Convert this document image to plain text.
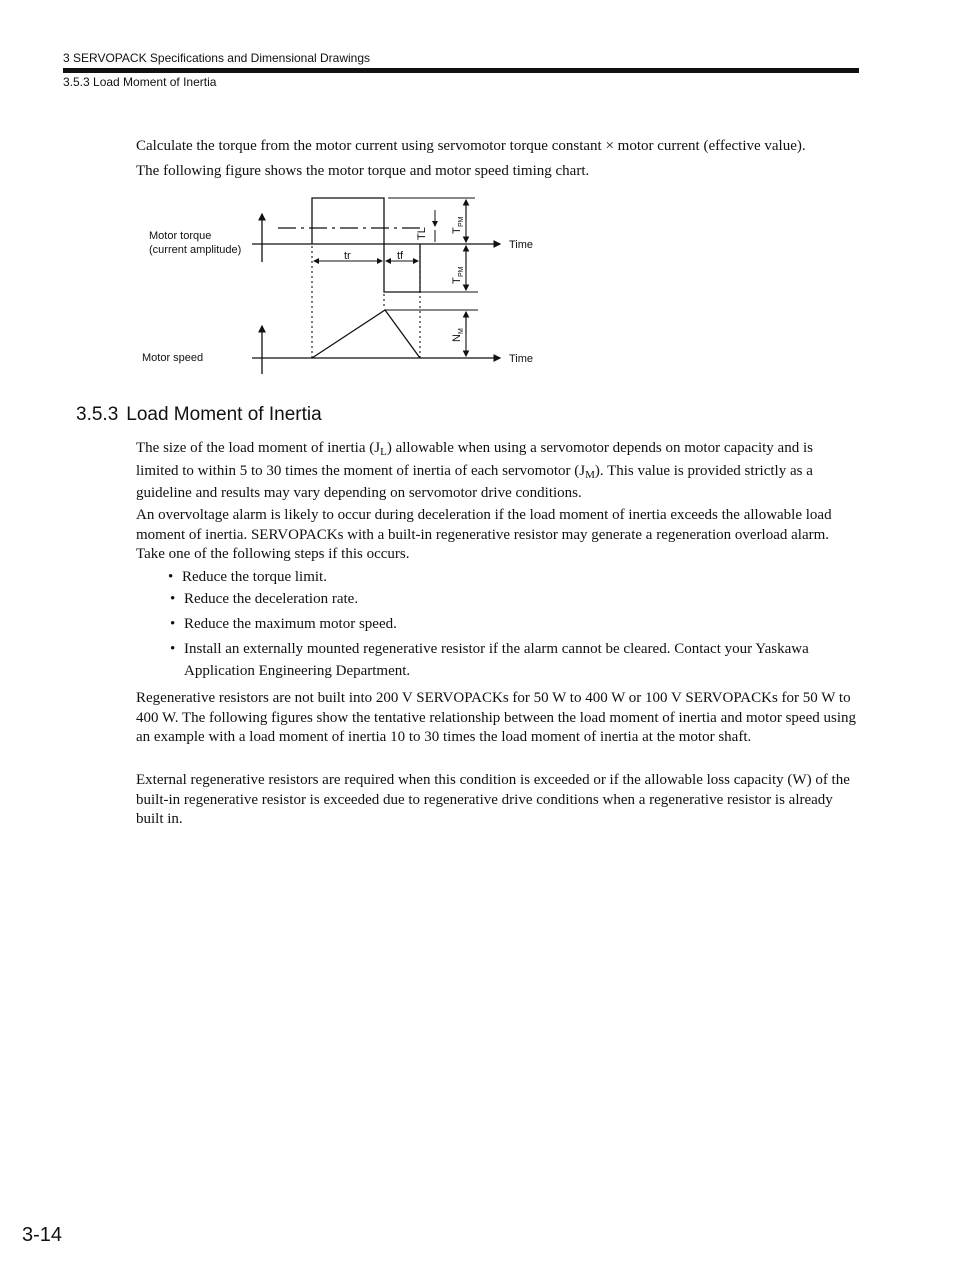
3 SERVOPACK Specifications and Dimensional Drawings
3.5.3 Load Moment of Inertia

Calculate the torque from the motor current using servomotor torque constant × motor current (effective value).

The following figure shows the motor torque and motor speed timing chart.

Motor torque
(current amplitude)
Motor speed
Time
Time
tr	tf
TL T
PM
T
PM
N
M
3.5.3 Load Moment of Inertia

The size of the load moment of inertia $(J_L)$ allowable when using a servomotor depends on motor capacity and is limited to within 5 to 30 times the moment of inertia of each servomotor $(J_M)$. This value is provided strictly as a guideline and results may vary depending on servomotor drive conditions.

An overvoltage alarm is likely to occur during deceleration if the load moment of inertia exceeds the allowable load moment of inertia. SERVOPACKs with a built-in regenerative resistor may generate a regeneration overload alarm. Take one of the following steps if this occurs.

• Reduce the torque limit.

• Reduce the deceleration rate.

• Reduce the maximum motor speed.

• Install an externally mounted regenerative resistor if the alarm cannot be cleared. Contact your Yaskawa Application Engineering Department.

Regenerative resistors are not built into 200 V SERVOPACKs for 50 W to 400 W or 100 V SERVOPACKs for 50 W to 400 W. The following figures show the tentative relationship between the load moment of inertia and motor speed using an example with a load moment of inertia 10 to 30 times the load moment of inertia at the motor shaft.

External regenerative resistors are required when this condition is exceeded or if the allowable loss capacity (W) of the built-in regenerative resistor is exceeded due to regenerative drive conditions when a regenerative resistor is already built in.

3-14
